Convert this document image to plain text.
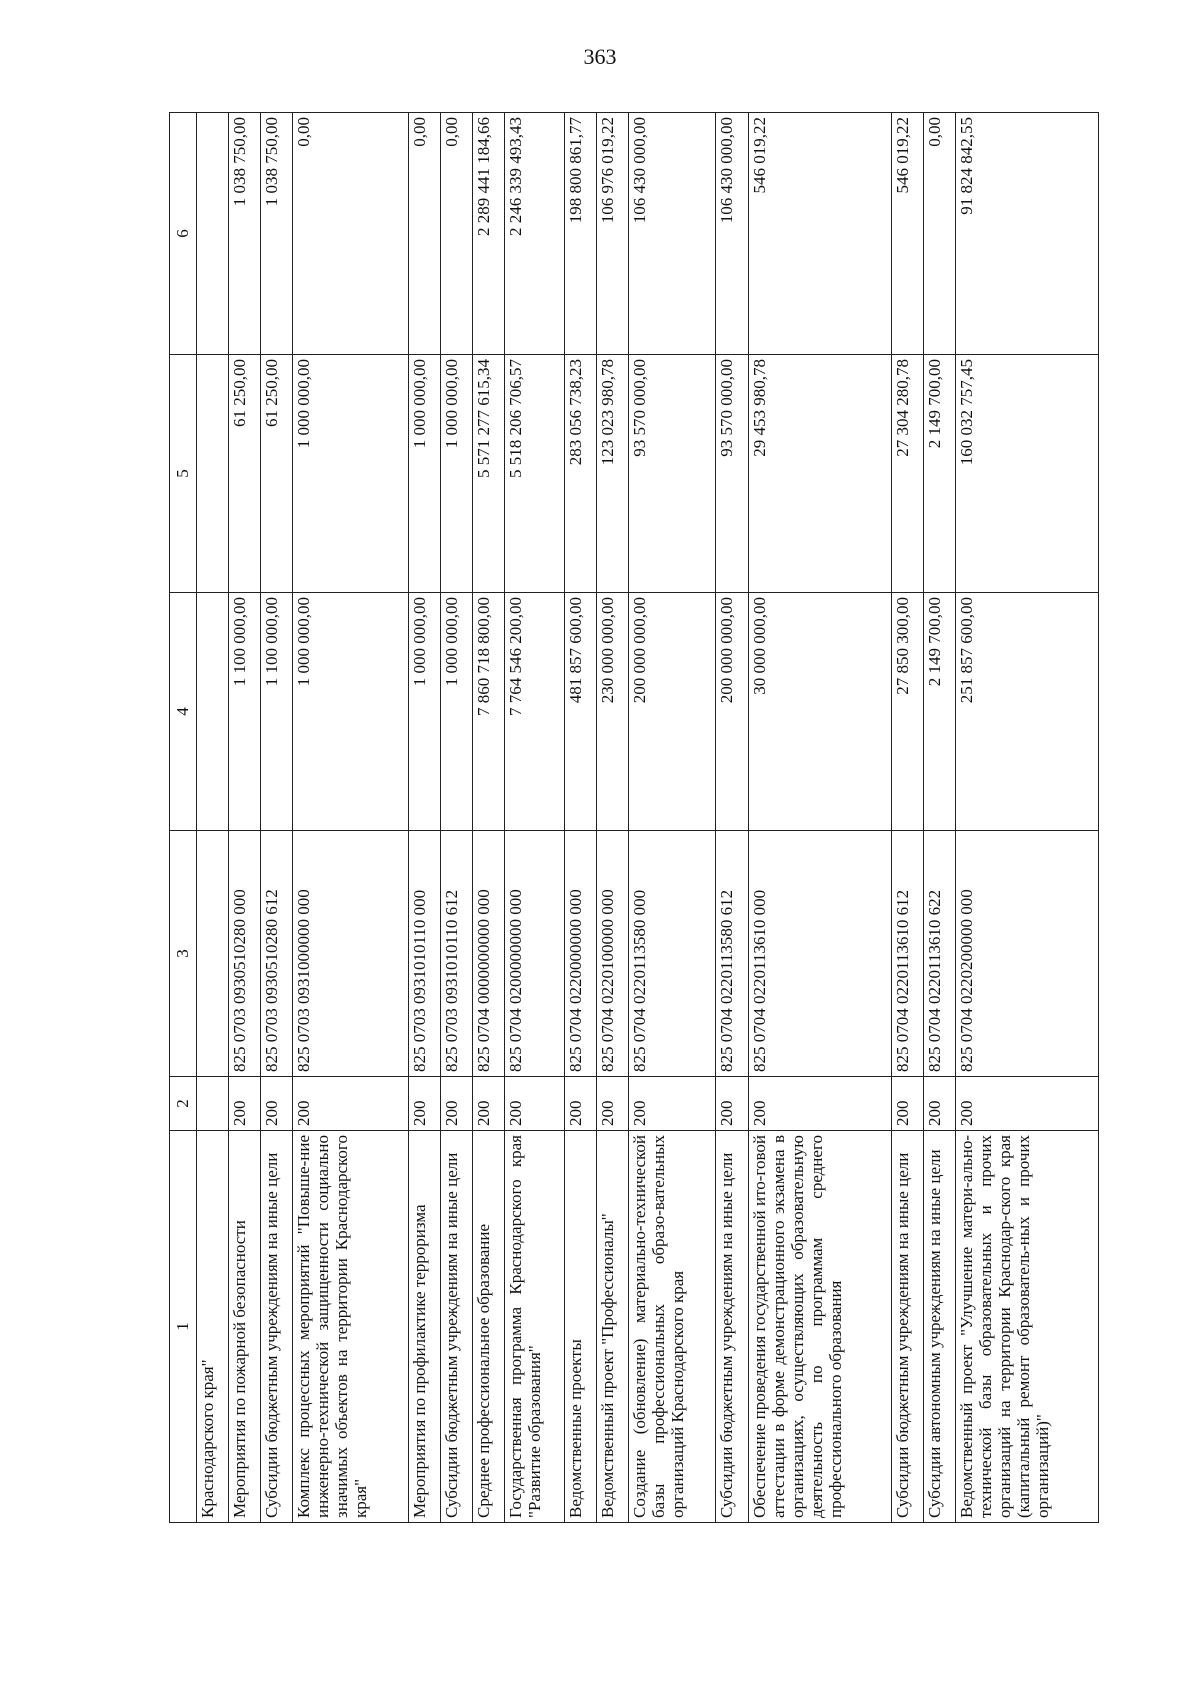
363
1	2	3	4	5	6
Краснодарского края"					
Мероприятия по пожарной безопасности	200	825 0703 0930510280 000	1 100 000,00	61 250,00	1 038 750,00
Субсидии бюджетным учреждениям на иные цели	200	825 0703 0930510280 612	1 100 000,00	61 250,00	1 038 750,00
Комплекс процессных мероприятий "Повыше-ние инженерно-технической защищенности социально значимых объектов на территории Краснодарского края"	200	825 0703 0931000000 000	1 000 000,00	1 000 000,00	0,00
Мероприятия по профилактике терроризма	200	825 0703 0931010110 000	1 000 000,00	1 000 000,00	0,00
Субсидии бюджетным учреждениям на иные цели	200	825 0703 0931010110 612	1 000 000,00	1 000 000,00	0,00
Среднее профессиональное образование	200	825 0704 0000000000 000	7 860 718 800,00	5 571 277 615,34	2 289 441 184,66
Государственная программа Краснодарского края "Развитие образования"	200	825 0704 0200000000 000	7 764 546 200,00	5 518 206 706,57	2 246 339 493,43
Ведомственные проекты	200	825 0704 0220000000 000	481 857 600,00	283 056 738,23	198 800 861,77
Ведомственный проект "Профессионалы"	200	825 0704 0220100000 000	230 000 000,00	123 023 980,78	106 976 019,22
Создание (обновление) материально-технической базы профессиональных образо-вательных организаций Краснодарского края	200	825 0704 0220113580 000	200 000 000,00	93 570 000,00	106 430 000,00
Субсидии бюджетным учреждениям на иные цели	200	825 0704 0220113580 612	200 000 000,00	93 570 000,00	106 430 000,00
Обеспечение проведения государственной ито-говой аттестации в форме демонстрационного экзамена в организациях, осуществляющих образовательную деятельность по программам среднего профессионального образования	200	825 0704 0220113610 000	30 000 000,00	29 453 980,78	546 019,22
Субсидии бюджетным учреждениям на иные цели	200	825 0704 0220113610 612	27 850 300,00	27 304 280,78	546 019,22
Субсидии автономным учреждениям на иные цели	200	825 0704 0220113610 622	2 149 700,00	2 149 700,00	0,00
Ведомственный проект "Улучшение матери-ально-технической базы образовательных и прочих организаций на территории Краснодар-ского края (капитальный ремонт образователь-ных и прочих организаций)"	200	825 0704 0220200000 000	251 857 600,00	160 032 757,45	91 824 842,55
